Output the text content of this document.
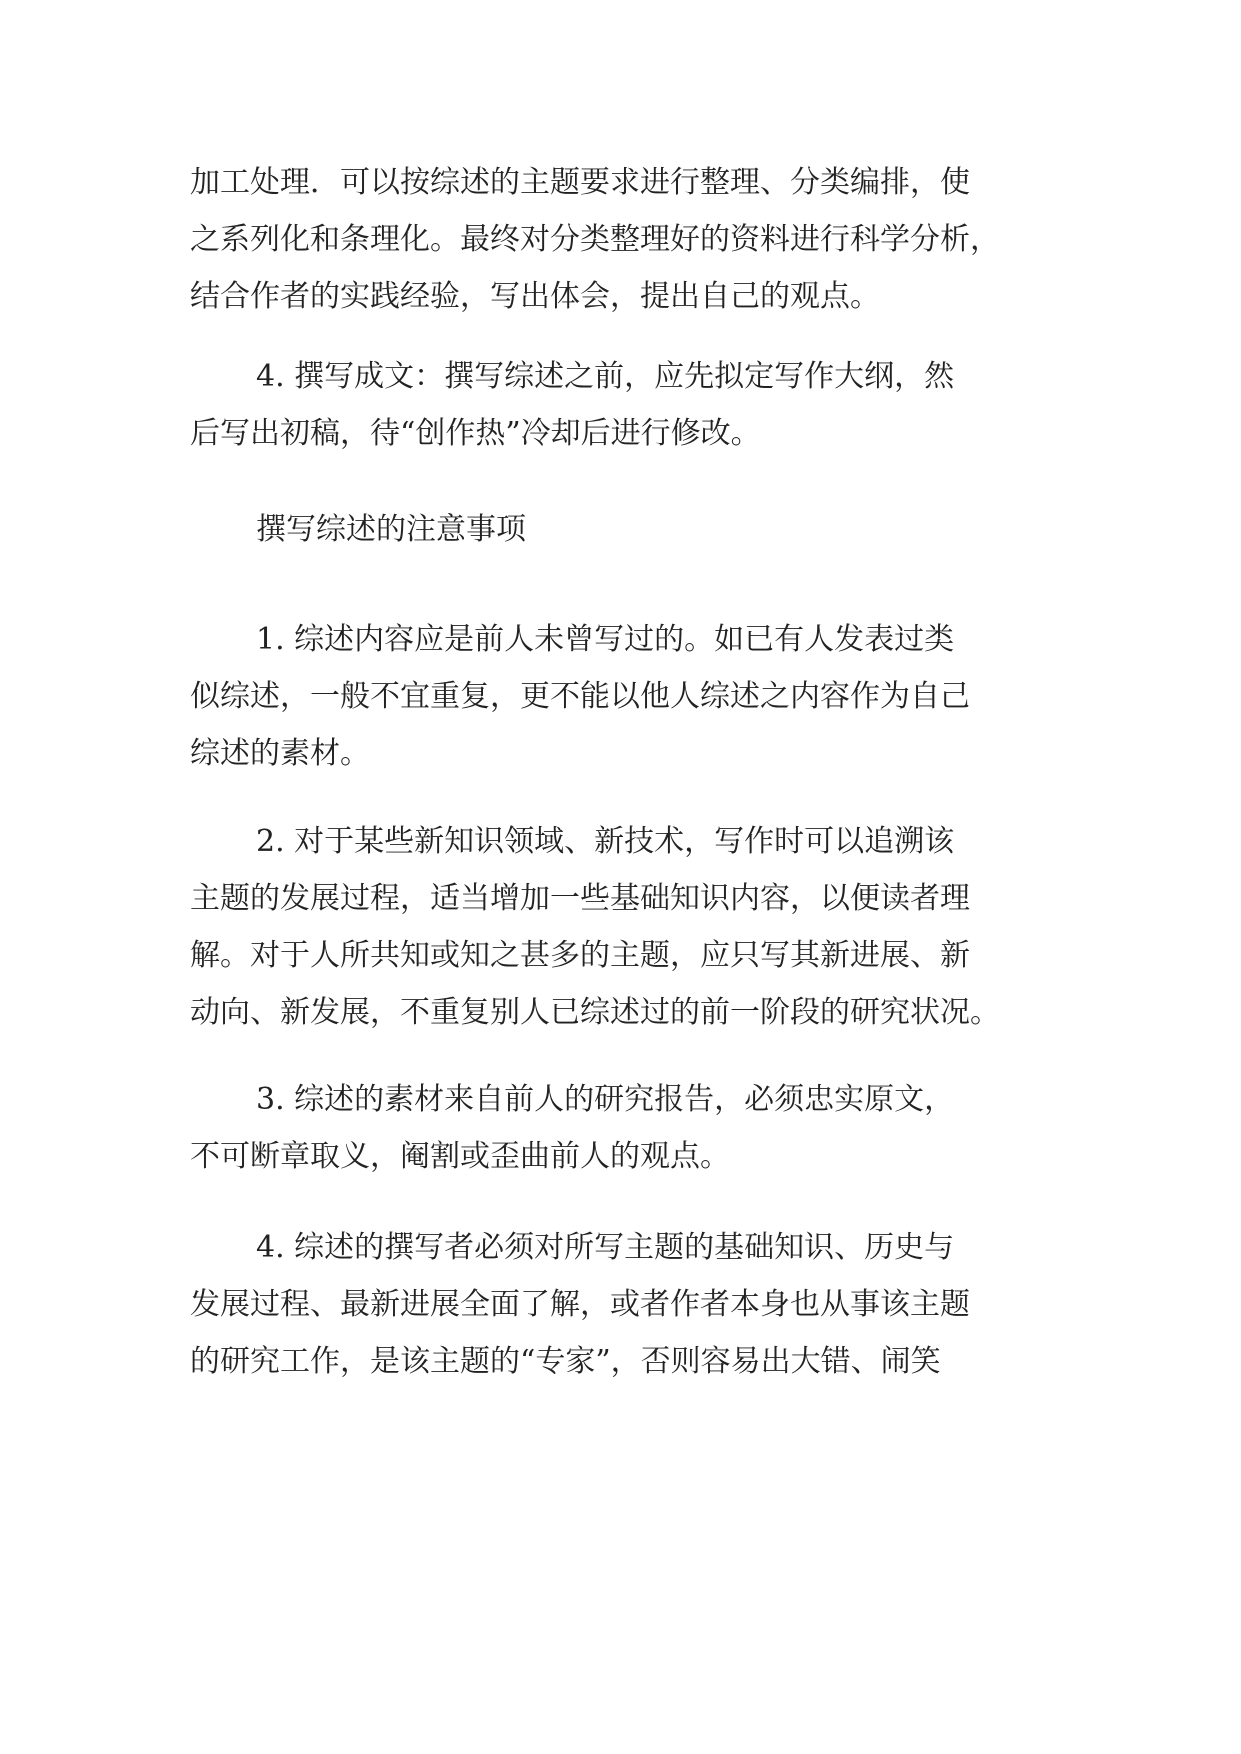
加工处理．可以按综述的主题要求进行整理、分类编排，使
之系列化和条理化。最终对分类整理好的资料进行科学分析，
结合作者的实践经验，写出体会，提出自己的观点。
4. 撰写成文：撰写综述之前，应先拟定写作大纲，然
后写出初稿，待“创作热”冷却后进行修改。
撰写综述的注意事项
1. 综述内容应是前人未曾写过的。如已有人发表过类
似综述，一般不宜重复，更不能以他人综述之内容作为自己
综述的素材。
2. 对于某些新知识领域、新技术，写作时可以追溯该
主题的发展过程，适当增加一些基础知识内容，以便读者理
解。对于人所共知或知之甚多的主题，应只写其新进展、新
动向、新发展，不重复别人已综述过的前一阶段的研究状况。
3. 综述的素材来自前人的研究报告，必须忠实原文，
不可断章取义，阉割或歪曲前人的观点。
4. 综述的撰写者必须对所写主题的基础知识、历史与
发展过程、最新进展全面了解，或者作者本身也从事该主题
的研究工作，是该主题的“专家”，否则容易出大错、闹笑
